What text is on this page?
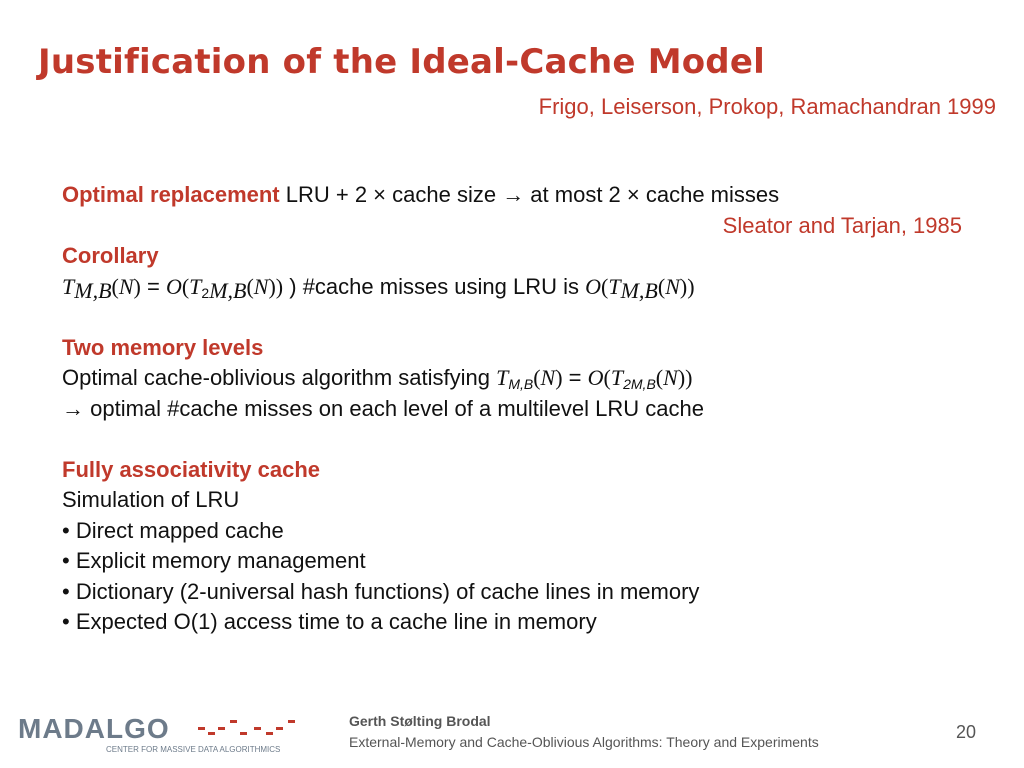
Justification of the Ideal-Cache Model
Frigo, Leiserson, Prokop, Ramachandran 1999
Optimal replacement LRU + 2 × cache size → at most 2 × cache misses
Sleator and Tarjan, 1985
Corollary
$T_{M,B}(N) = O(T_{2M,B}(N))$ ) #cache misses using LRU is $O(T_{M,B}(N))$
Two memory levels
Optimal cache-oblivious algorithm satisfying $T_{M,B}(N) = O(T_{2M,B}(N))$
→ optimal #cache misses on each level of a multilevel LRU cache
Fully associativity cache
Simulation of LRU
• Direct mapped cache
• Explicit memory management
• Dictionary (2-universal hash functions) of cache lines in memory
• Expected O(1) access time to a cache line in memory
MADALGO
CENTER FOR MASSIVE DATA ALGORITHMICS
Gerth Stølting Brodal
External-Memory and Cache-Oblivious Algorithms: Theory and Experiments	20
